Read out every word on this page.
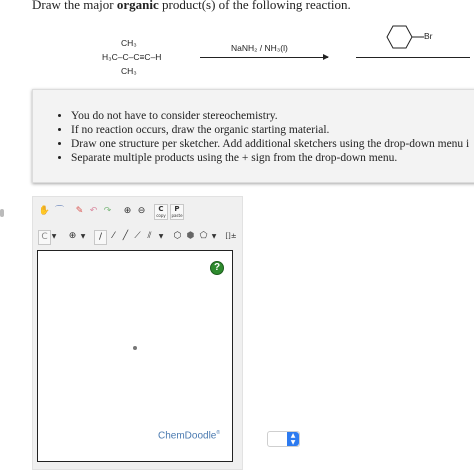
Draw the major organic product(s) of the following reaction.
CH₃
H₃C–C–C≡C–H
CH₃
NaNH₂ / NH₃(l)
Br
• You do not have to consider stereochemistry.
• If no reaction occurs, draw the organic starting material.
• Draw one structure per sketcher. Add additional sketchers using the drop-down menu i
• Separate multiple products using the + sign from the drop-down menu.
✋ ⌒	✎ ↶ ↷	⊕ ⊖	C
copy
P
paste
C ▼	⊕ ▼	/	⁄ ╱ ⟋ ⫽	▼ ⬡ ⬢ ⬠ ▼	[]±
?
ChemDoodle®	▲
▼
